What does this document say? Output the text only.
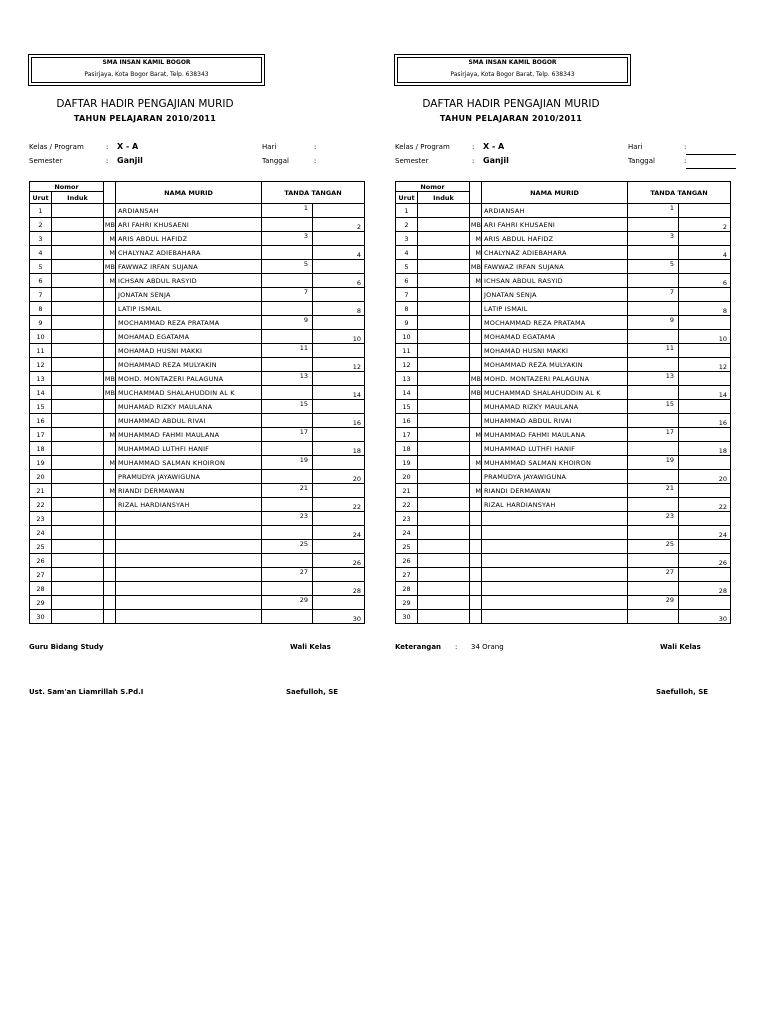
SMA INSAN KAMIL BOGOR
Pasirjaya, Kota Bogor Barat, Telp. 638343
DAFTAR HADIR PENGAJIAN MURID
TAHUN PELAJARAN 2010/2011
Kelas / Program	: X - A	Hari	:
Semester	: Ganjil	Tanggal	:
Nomor			NAMA MURID	TANDA TANGAN	
Urut	Induk				
1			ARDIANSAH	1	
2		MB	ARI FAHRI KHUSAENI		2
3		M	ARIS ABDUL HAFIDZ	3	
4		M	CHALYNAZ ADIEBAHARA		4
5		MB	FAWWAZ IRFAN SUJANA	5	
6		M	ICHSAN ABDUL RASYID		6
7			JONATAN SENJA	7	
8			LATIP ISMAIL		8
9			MOCHAMMAD REZA PRATAMA	9	
10			MOHAMAD EGATAMA		10
11			MOHAMAD HUSNI MAKKI	11	
12			MOHAMMAD REZA MULYAKIN		12
13		MB	MOHD. MONTAZERI PALAGUNA	13	
14		MB	MUCHAMMAD SHALAHUDDIN AL K		14
15			MUHAMAD RIZKY MAULANA	15	
16			MUHAMMAD ABDUL RIVAI		16
17		M	MUHAMMAD FAHMI MAULANA	17	
18			MUHAMMAD LUTHFI HANIF		18
19		M	MUHAMMAD SALMAN KHOIRON	19	
20			PRAMUDYA JAYAWIGUNA		20
21		M	RIANDI DERMAWAN	21	
22			RIZAL HARDIANSYAH		22
23				23	
24					24
25				25	
26					26
27				27	
28					28
29				29	
30					30
Guru Bidang Study	Wali Kelas
Ust. Sam'an Liamrillah S.Pd.I	Saefulloh, SE
SMA INSAN KAMIL BOGOR
Pasirjaya, Kota Bogor Barat, Telp. 638343
DAFTAR HADIR PENGAJIAN MURID
TAHUN PELAJARAN 2010/2011
Kelas / Program	: X - A	Hari	:
Semester	: Ganjil	Tanggal	:
Nomor			NAMA MURID	TANDA TANGAN	
Urut	Induk				
1			ARDIANSAH	1	
2		MB	ARI FAHRI KHUSAENI		2
3		M	ARIS ABDUL HAFIDZ	3	
4		M	CHALYNAZ ADIEBAHARA		4
5		MB	FAWWAZ IRFAN SUJANA	5	
6		M	ICHSAN ABDUL RASYID		6
7			JONATAN SENJA	7	
8			LATIP ISMAIL		8
9			MOCHAMMAD REZA PRATAMA	9	
10			MOHAMAD EGATAMA		10
11			MOHAMAD HUSNI MAKKI	11	
12			MOHAMMAD REZA MULYAKIN		12
13		MB	MOHD. MONTAZERI PALAGUNA	13	
14		MB	MUCHAMMAD SHALAHUDDIN AL K		14
15			MUHAMAD RIZKY MAULANA	15	
16			MUHAMMAD ABDUL RIVAI		16
17		M	MUHAMMAD FAHMI MAULANA	17	
18			MUHAMMAD LUTHFI HANIF		18
19		M	MUHAMMAD SALMAN KHOIRON	19	
20			PRAMUDYA JAYAWIGUNA		20
21		M	RIANDI DERMAWAN	21	
22			RIZAL HARDIANSYAH		22
23				23	
24					24
25				25	
26					26
27				27	
28					28
29				29	
30					30
Keterangan : 34 Orang	Wali Kelas
Saefulloh, SE
